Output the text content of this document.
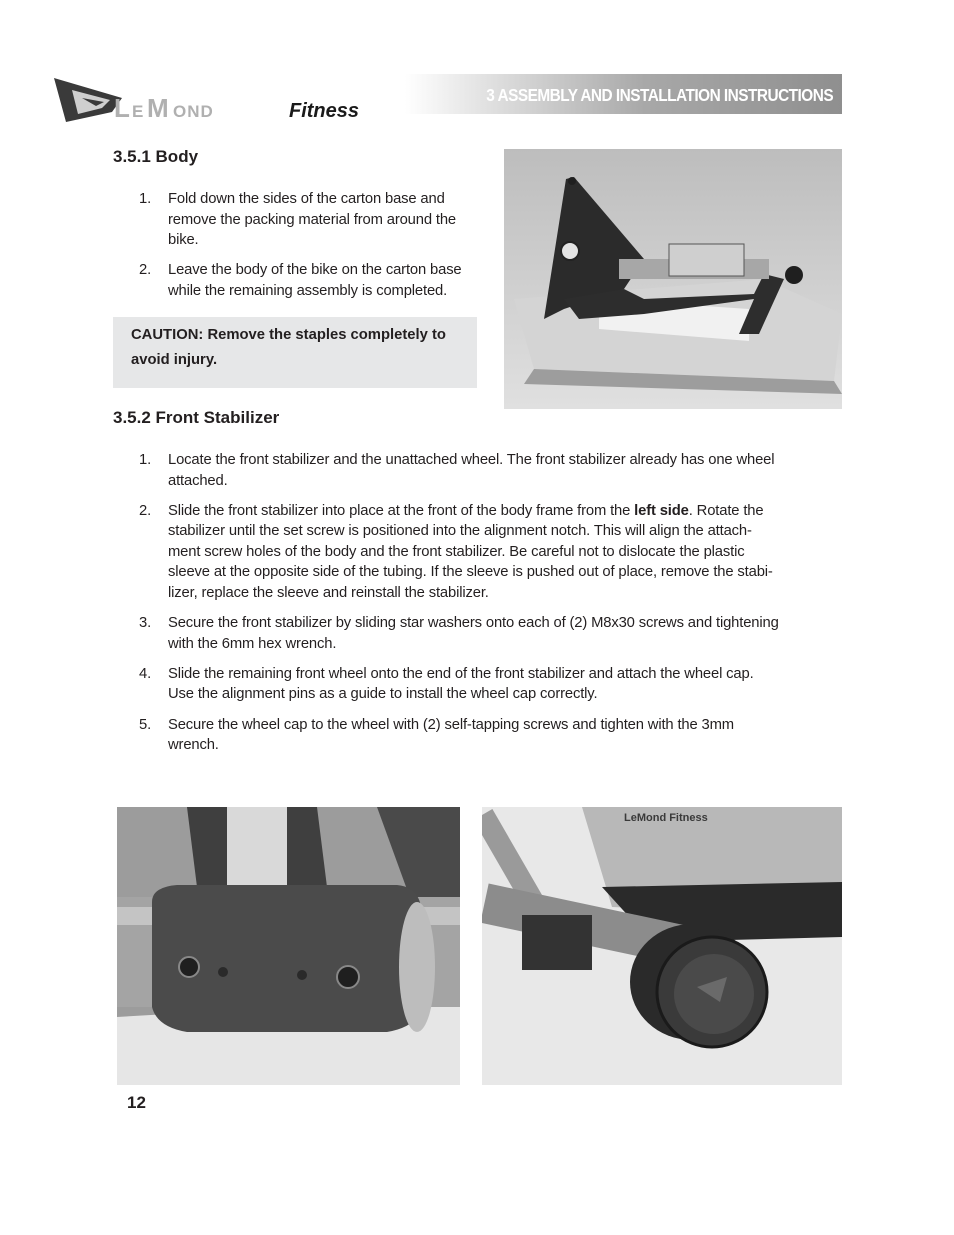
L E M OND	Fitness
3 ASSEMBLY AND INSTALLATION INSTRUCTIONS
3.5.1 Body
1. Fold down the sides of the carton base and
remove the packing material from around the
bike.
2. Leave the body of the bike on the carton base
while the remaining assembly is completed.
CAUTION: Remove the staples completely to
avoid injury.
3.5.2 Front Stabilizer
1. Locate the front stabilizer and the unattached wheel. The front stabilizer already has one wheel
attached.
2. Slide the front stabilizer into place at the front of the body frame from the left side. Rotate the
stabilizer until the set screw is positioned into the alignment notch. This will align the attach-
ment screw holes of the body and the front stabilizer. Be careful not to dislocate the plastic
sleeve at the opposite side of the tubing. If the sleeve is pushed out of place, remove the stabi-
lizer, replace the sleeve and reinstall the stabilizer.
3. Secure the front stabilizer by sliding star washers onto each of (2) M8x30 screws and tightening
with the 6mm hex wrench.
4. Slide the remaining front wheel onto the end of the front stabilizer and attach the wheel cap.
Use the alignment pins as a guide to install the wheel cap correctly.
5. Secure the wheel cap to the wheel with (2) self-tapping screws and tighten with the 3mm
wrench.
LeMond Fitness
12
